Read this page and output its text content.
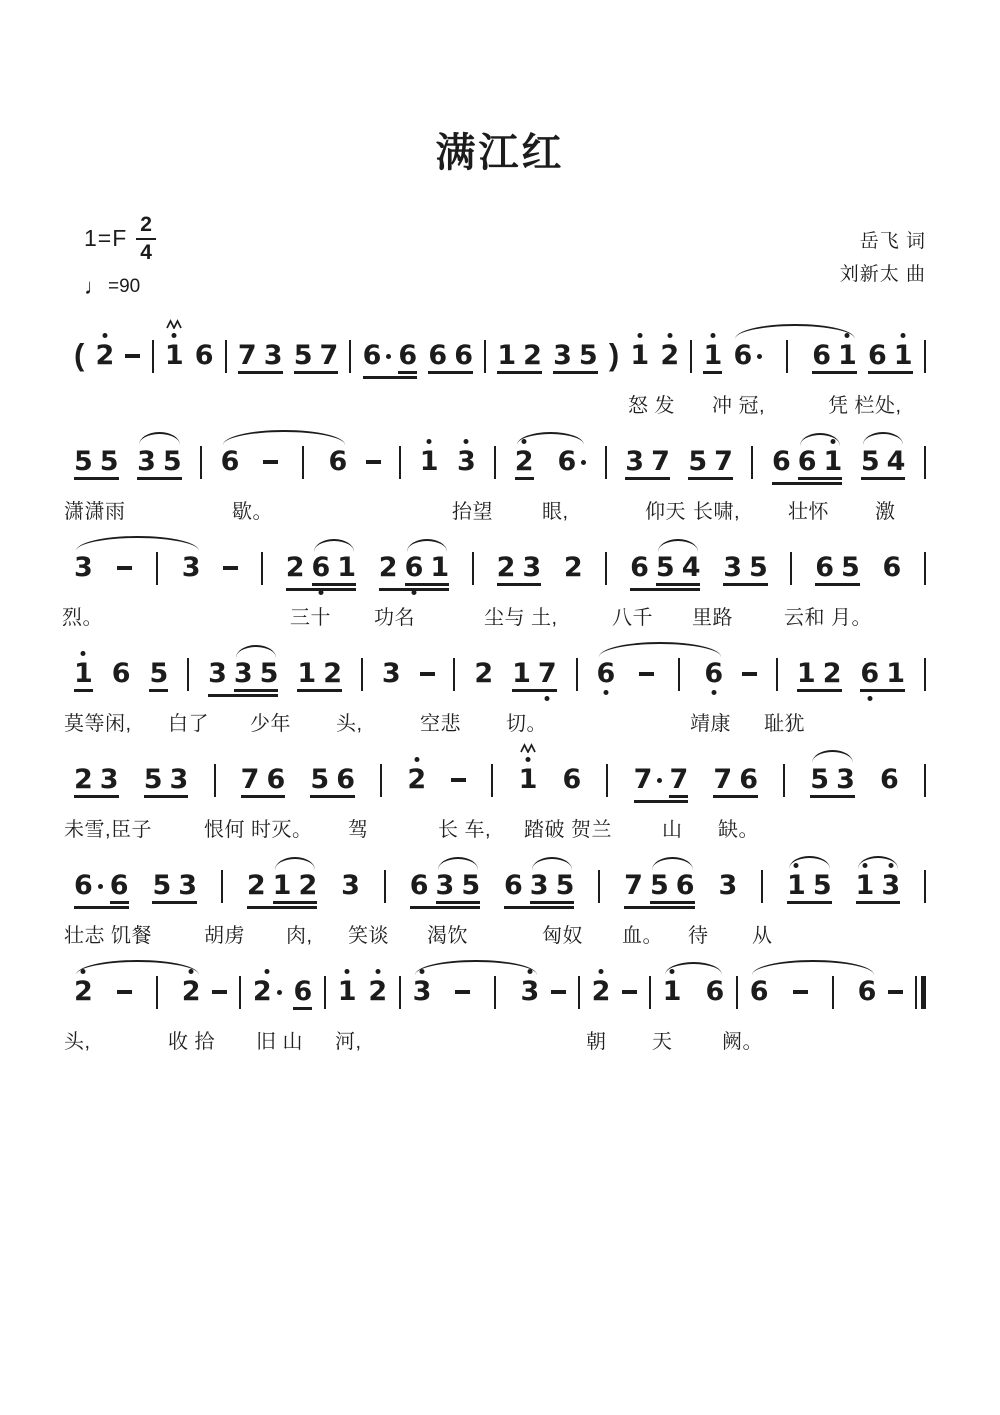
满江红
$1=F \frac{2}{4}$
♩ =90
岳飞 词
刘新太 曲
( 2 1 6 7 3 5 7 6 6 6 6 1 2 3 5 ) 1 2 1 6 6 1 6 1
怒 发 冲 冠,	凭 栏处,
5 5 3 5 6	6	1 3 2 6 3 7 5 7 6 6 1 5 4
潇潇雨	歇。	抬望 眼,	仰天 长啸, 壮怀 激
3	3	2 6 1 2 6 1 2 3 2 6 5 4 3 5 6 5 6
烈。	三十 功名	尘与 土,	八千 里路	云和 月。
1 6 5 3 3 5 1 2 3	2 1 7 6	6	1 2 6 1
莫等闲, 白了 少年 头,	空悲 切。	靖康 耻犹
2 3 5 3 7 6 5 6 2	1 6 7 7 7 6 5 3 6
未雪,臣子	恨何 时灭。 驾	长 车, 踏破 贺兰 山 缺。
6 6 5 3 2 1 2 3 6 3 5 6 3 5 7 5 6 3 1 5 1 3
壮志 饥餐	胡虏 肉, 笑谈 渴饮	匈奴 血。 待 从
2	2 2 6 1 2 3	3 2 1 6 6	6
头,	收 拾 旧 山 河,	朝 天 阙。
